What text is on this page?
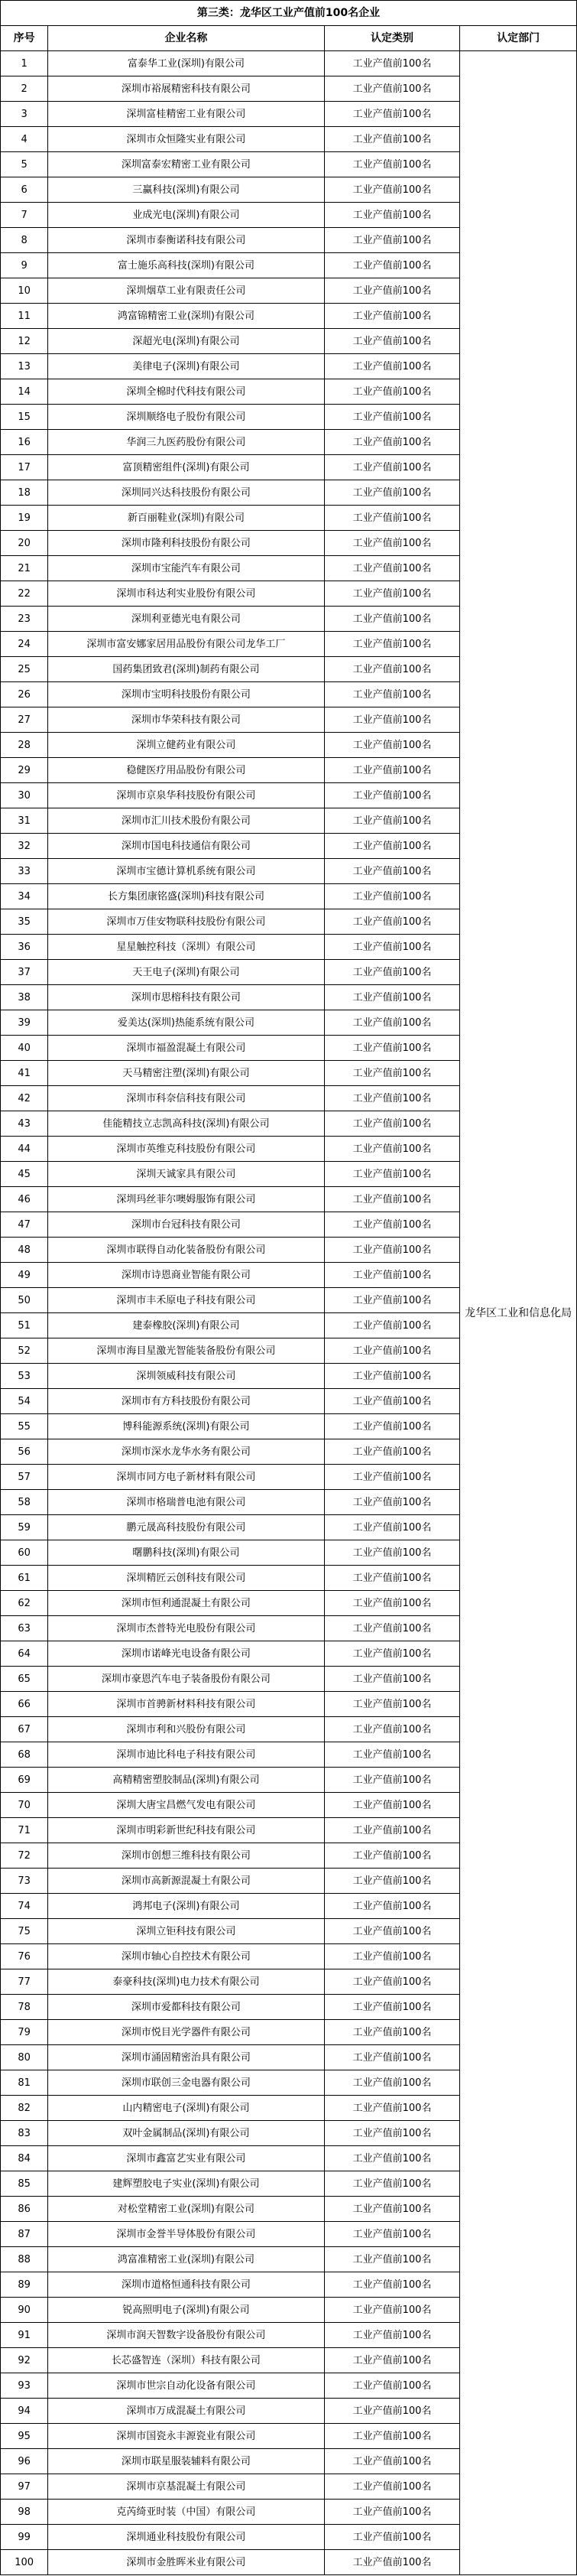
第三类：龙华区工业产值前100名企业			
序号	企业名称	认定类别	认定部门
1	富泰华工业(深圳)有限公司	工业产值前100名	龙华区工业和信息化局
2	深圳市裕展精密科技有限公司	工业产值前100名	
3	深圳富桂精密工业有限公司	工业产值前100名	
4	深圳市众恒隆实业有限公司	工业产值前100名	
5	深圳富泰宏精密工业有限公司	工业产值前100名	
6	三赢科技(深圳)有限公司	工业产值前100名	
7	业成光电(深圳)有限公司	工业产值前100名	
8	深圳市泰衡诺科技有限公司	工业产值前100名	
9	富士施乐高科技(深圳)有限公司	工业产值前100名	
10	深圳烟草工业有限责任公司	工业产值前100名	
11	鸿富锦精密工业(深圳)有限公司	工业产值前100名	
12	深超光电(深圳)有限公司	工业产值前100名	
13	美律电子(深圳)有限公司	工业产值前100名	
14	深圳全棉时代科技有限公司	工业产值前100名	
15	深圳顺络电子股份有限公司	工业产值前100名	
16	华润三九医药股份有限公司	工业产值前100名	
17	富顶精密组件(深圳)有限公司	工业产值前100名	
18	深圳同兴达科技股份有限公司	工业产值前100名	
19	新百丽鞋业(深圳)有限公司	工业产值前100名	
20	深圳市隆利科技股份有限公司	工业产值前100名	
21	深圳市宝能汽车有限公司	工业产值前100名	
22	深圳市科达利实业股份有限公司	工业产值前100名	
23	深圳利亚德光电有限公司	工业产值前100名	
24	深圳市富安娜家居用品股份有限公司龙华工厂	工业产值前100名	
25	国药集团致君(深圳)制药有限公司	工业产值前100名	
26	深圳市宝明科技股份有限公司	工业产值前100名	
27	深圳市华荣科技有限公司	工业产值前100名	
28	深圳立健药业有限公司	工业产值前100名	
29	稳健医疗用品股份有限公司	工业产值前100名	
30	深圳市京泉华科技股份有限公司	工业产值前100名	
31	深圳市汇川技术股份有限公司	工业产值前100名	
32	深圳市国电科技通信有限公司	工业产值前100名	
33	深圳市宝德计算机系统有限公司	工业产值前100名	
34	长方集团康铭盛(深圳)科技有限公司	工业产值前100名	
35	深圳市万佳安物联科技股份有限公司	工业产值前100名	
36	星星触控科技（深圳）有限公司	工业产值前100名	
37	天王电子(深圳)有限公司	工业产值前100名	
38	深圳市思榕科技有限公司	工业产值前100名	
39	爱美达(深圳)热能系统有限公司	工业产值前100名	
40	深圳市福盈混凝土有限公司	工业产值前100名	
41	天马精密注塑(深圳)有限公司	工业产值前100名	
42	深圳市科奈信科技有限公司	工业产值前100名	
43	佳能精技立志凯高科技(深圳)有限公司	工业产值前100名	
44	深圳市英维克科技股份有限公司	工业产值前100名	
45	深圳天诚家具有限公司	工业产值前100名	
46	深圳玛丝菲尔噢姆服饰有限公司	工业产值前100名	
47	深圳市台冠科技有限公司	工业产值前100名	
48	深圳市联得自动化装备股份有限公司	工业产值前100名	
49	深圳市诗恩商业智能有限公司	工业产值前100名	
50	深圳市丰禾原电子科技有限公司	工业产值前100名	
51	建泰橡胶(深圳)有限公司	工业产值前100名	
52	深圳市海目星激光智能装备股份有限公司	工业产值前100名	
53	深圳领威科技有限公司	工业产值前100名	
54	深圳市有方科技股份有限公司	工业产值前100名	
55	博科能源系统(深圳)有限公司	工业产值前100名	
56	深圳市深水龙华水务有限公司	工业产值前100名	
57	深圳市同方电子新材料有限公司	工业产值前100名	
58	深圳市格瑞普电池有限公司	工业产值前100名	
59	鹏元晟高科技股份有限公司	工业产值前100名	
60	曙鹏科技(深圳)有限公司	工业产值前100名	
61	深圳精匠云创科技有限公司	工业产值前100名	
62	深圳市恒利通混凝土有限公司	工业产值前100名	
63	深圳市杰普特光电股份有限公司	工业产值前100名	
64	深圳市诺峰光电设备有限公司	工业产值前100名	
65	深圳市豪恩汽车电子装备股份有限公司	工业产值前100名	
66	深圳市首骋新材料科技有限公司	工业产值前100名	
67	深圳市利和兴股份有限公司	工业产值前100名	
68	深圳市迪比科电子科技有限公司	工业产值前100名	
69	高精精密塑胶制品(深圳)有限公司	工业产值前100名	
70	深圳大唐宝昌燃气发电有限公司	工业产值前100名	
71	深圳市明彩新世纪科技有限公司	工业产值前100名	
72	深圳市创想三维科技有限公司	工业产值前100名	
73	深圳市高新源混凝土有限公司	工业产值前100名	
74	鸿邦电子(深圳)有限公司	工业产值前100名	
75	深圳立钜科技有限公司	工业产值前100名	
76	深圳市轴心自控技术有限公司	工业产值前100名	
77	泰豪科技(深圳)电力技术有限公司	工业产值前100名	
78	深圳市爱都科技有限公司	工业产值前100名	
79	深圳市悦目光学器件有限公司	工业产值前100名	
80	深圳市涌固精密治具有限公司	工业产值前100名	
81	深圳市联创三金电器有限公司	工业产值前100名	
82	山内精密电子(深圳)有限公司	工业产值前100名	
83	双叶金属制品(深圳)有限公司	工业产值前100名	
84	深圳市鑫富艺实业有限公司	工业产值前100名	
85	建辉塑胶电子实业(深圳)有限公司	工业产值前100名	
86	对松堂精密工业(深圳)有限公司	工业产值前100名	
87	深圳市金誉半导体股份有限公司	工业产值前100名	
88	鸿富准精密工业(深圳)有限公司	工业产值前100名	
89	深圳市道格恒通科技有限公司	工业产值前100名	
90	锐高照明电子(深圳)有限公司	工业产值前100名	
91	深圳市润天智数字设备股份有限公司	工业产值前100名	
92	长芯盛智连（深圳）科技有限公司	工业产值前100名	
93	深圳市世宗自动化设备有限公司	工业产值前100名	
94	深圳市万成混凝土有限公司	工业产值前100名	
95	深圳市国瓷永丰源瓷业有限公司	工业产值前100名	
96	深圳市联星服装辅料有限公司	工业产值前100名	
97	深圳市京基混凝土有限公司	工业产值前100名	
98	克芮绮亚时装（中国）有限公司	工业产值前100名	
99	深圳通业科技股份有限公司	工业产值前100名	
100	深圳市金胜晖米业有限公司	工业产值前100名	
